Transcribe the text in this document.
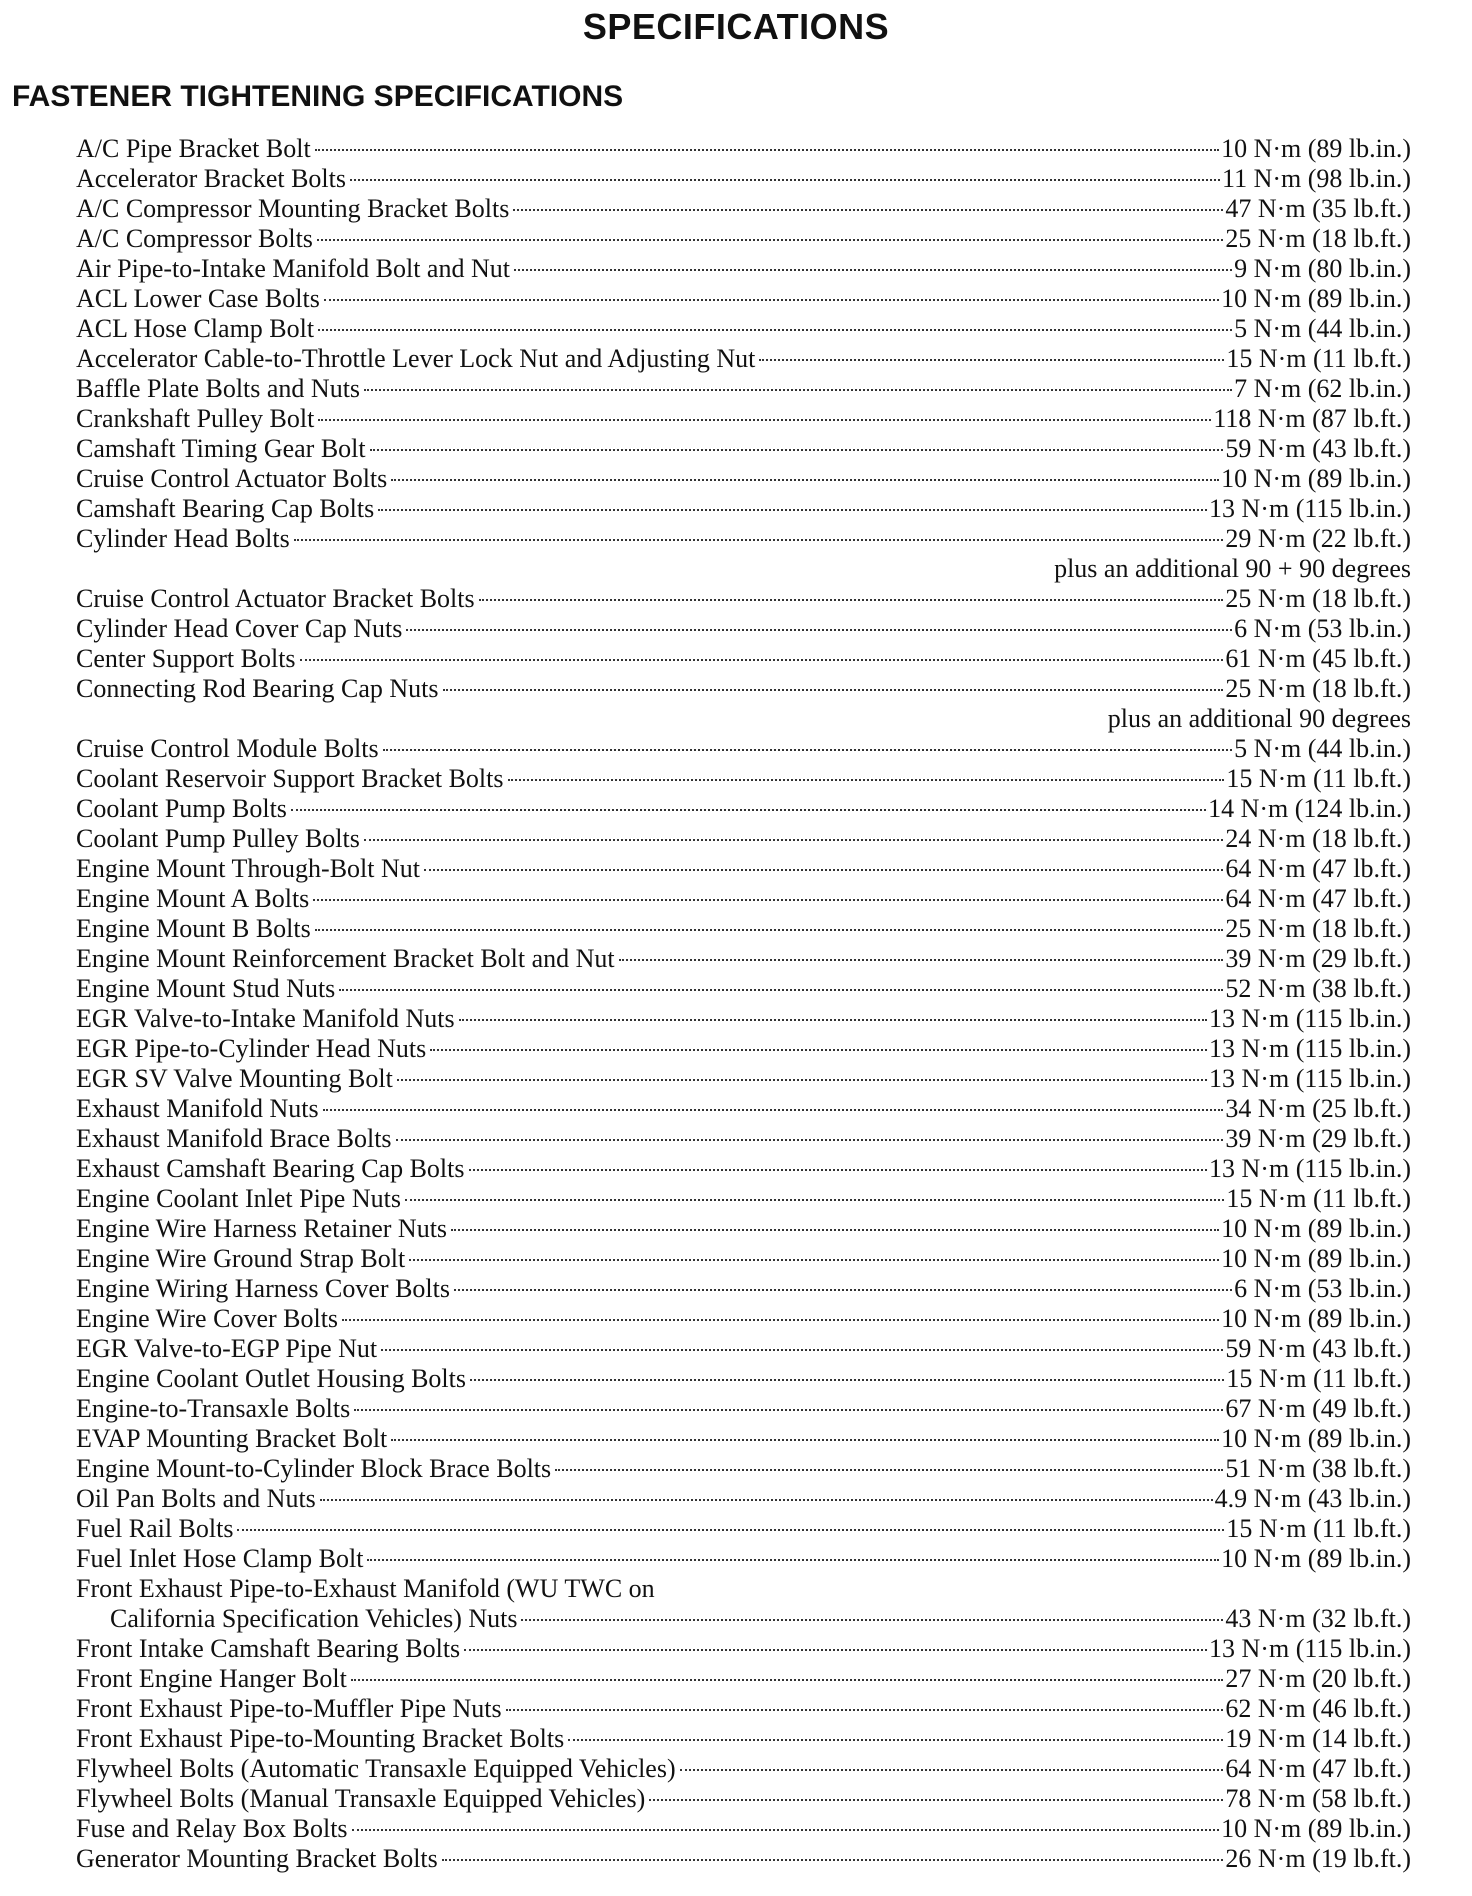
SPECIFICATIONS
FASTENER TIGHTENING SPECIFICATIONS
A/C Pipe Bracket Bolt	10 N·m (89 lb.in.)
Accelerator Bracket Bolts	11 N·m (98 lb.in.)
A/C Compressor Mounting Bracket Bolts	47 N·m (35 lb.ft.)
A/C Compressor Bolts	25 N·m (18 lb.ft.)
Air Pipe-to-Intake Manifold Bolt and Nut	9 N·m (80 lb.in.)
ACL Lower Case Bolts	10 N·m (89 lb.in.)
ACL Hose Clamp Bolt	5 N·m (44 lb.in.)
Accelerator Cable-to-Throttle Lever Lock Nut and Adjusting Nut	15 N·m (11 lb.ft.)
Baffle Plate Bolts and Nuts	7 N·m (62 lb.in.)
Crankshaft Pulley Bolt	118 N·m (87 lb.ft.)
Camshaft Timing Gear Bolt	59 N·m (43 lb.ft.)
Cruise Control Actuator Bolts	10 N·m (89 lb.in.)
Camshaft Bearing Cap Bolts	13 N·m (115 lb.in.)
Cylinder Head Bolts	29 N·m (22 lb.ft.)
plus an additional 90 + 90 degrees
Cruise Control Actuator Bracket Bolts	25 N·m (18 lb.ft.)
Cylinder Head Cover Cap Nuts	6 N·m (53 lb.in.)
Center Support Bolts	61 N·m (45 lb.ft.)
Connecting Rod Bearing Cap Nuts	25 N·m (18 lb.ft.)
plus an additional 90 degrees
Cruise Control Module Bolts	5 N·m (44 lb.in.)
Coolant Reservoir Support Bracket Bolts	15 N·m (11 lb.ft.)
Coolant Pump Bolts	14 N·m (124 lb.in.)
Coolant Pump Pulley Bolts	24 N·m (18 lb.ft.)
Engine Mount Through-Bolt Nut	64 N·m (47 lb.ft.)
Engine Mount A Bolts	64 N·m (47 lb.ft.)
Engine Mount B Bolts	25 N·m (18 lb.ft.)
Engine Mount Reinforcement Bracket Bolt and Nut	39 N·m (29 lb.ft.)
Engine Mount Stud Nuts	52 N·m (38 lb.ft.)
EGR Valve-to-Intake Manifold Nuts	13 N·m (115 lb.in.)
EGR Pipe-to-Cylinder Head Nuts	13 N·m (115 lb.in.)
EGR SV Valve Mounting Bolt	13 N·m (115 lb.in.)
Exhaust Manifold Nuts	34 N·m (25 lb.ft.)
Exhaust Manifold Brace Bolts	39 N·m (29 lb.ft.)
Exhaust Camshaft Bearing Cap Bolts	13 N·m (115 lb.in.)
Engine Coolant Inlet Pipe Nuts	15 N·m (11 lb.ft.)
Engine Wire Harness Retainer Nuts	10 N·m (89 lb.in.)
Engine Wire Ground Strap Bolt	10 N·m (89 lb.in.)
Engine Wiring Harness Cover Bolts	6 N·m (53 lb.in.)
Engine Wire Cover Bolts	10 N·m (89 lb.in.)
EGR Valve-to-EGP Pipe Nut	59 N·m (43 lb.ft.)
Engine Coolant Outlet Housing Bolts	15 N·m (11 lb.ft.)
Engine-to-Transaxle Bolts	67 N·m (49 lb.ft.)
EVAP Mounting Bracket Bolt	10 N·m (89 lb.in.)
Engine Mount-to-Cylinder Block Brace Bolts	51 N·m (38 lb.ft.)
Oil Pan Bolts and Nuts	4.9 N·m (43 lb.in.)
Fuel Rail Bolts	15 N·m (11 lb.ft.)
Fuel Inlet Hose Clamp Bolt	10 N·m (89 lb.in.)
Front Exhaust Pipe-to-Exhaust Manifold (WU TWC on
California Specification Vehicles) Nuts	43 N·m (32 lb.ft.)
Front Intake Camshaft Bearing Bolts	13 N·m (115 lb.in.)
Front Engine Hanger Bolt	27 N·m (20 lb.ft.)
Front Exhaust Pipe-to-Muffler Pipe Nuts	62 N·m (46 lb.ft.)
Front Exhaust Pipe-to-Mounting Bracket Bolts	19 N·m (14 lb.ft.)
Flywheel Bolts (Automatic Transaxle Equipped Vehicles)	64 N·m (47 lb.ft.)
Flywheel Bolts (Manual Transaxle Equipped Vehicles)	78 N·m (58 lb.ft.)
Fuse and Relay Box Bolts	10 N·m (89 lb.in.)
Generator Mounting Bracket Bolts	26 N·m (19 lb.ft.)
